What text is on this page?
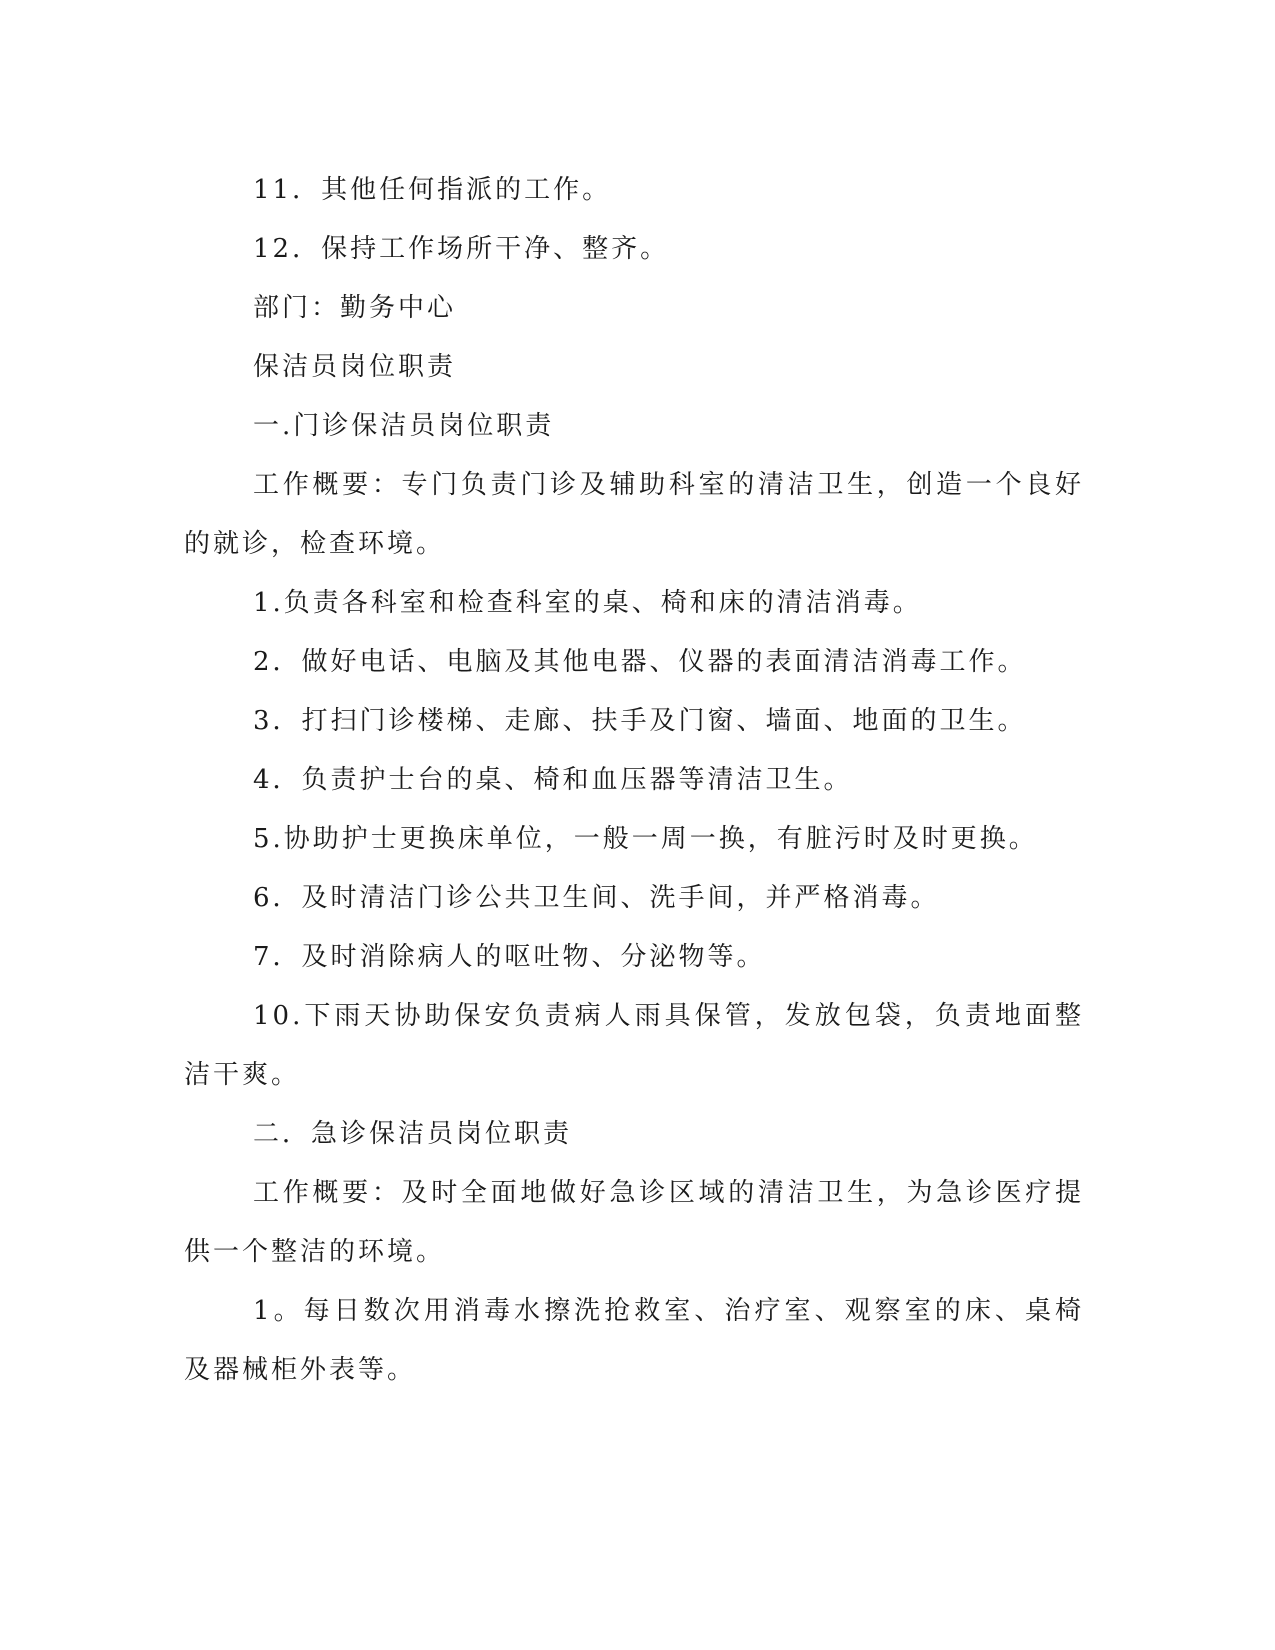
11．其他任何指派的工作。

12．保持工作场所干净、整齐。

部门：勤务中心

保洁员岗位职责

一.门诊保洁员岗位职责

工作概要：专门负责门诊及辅助科室的清洁卫生，创造一个良好的就诊，检查环境。

1.负责各科室和检查科室的桌、椅和床的清洁消毒。

2．做好电话、电脑及其他电器、仪器的表面清洁消毒工作。

3．打扫门诊楼梯、走廊、扶手及门窗、墙面、地面的卫生。

4．负责护士台的桌、椅和血压器等清洁卫生。

5.协助护士更换床单位，一般一周一换，有脏污时及时更换。

6．及时清洁门诊公共卫生间、洗手间，并严格消毒。

7．及时消除病人的呕吐物、分泌物等。

10.下雨天协助保安负责病人雨具保管，发放包袋，负责地面整洁干爽。

二．急诊保洁员岗位职责

工作概要：及时全面地做好急诊区域的清洁卫生，为急诊医疗提供一个整洁的环境。

1。每日数次用消毒水擦洗抢救室、治疗室、观察室的床、桌椅及器械柜外表等。
